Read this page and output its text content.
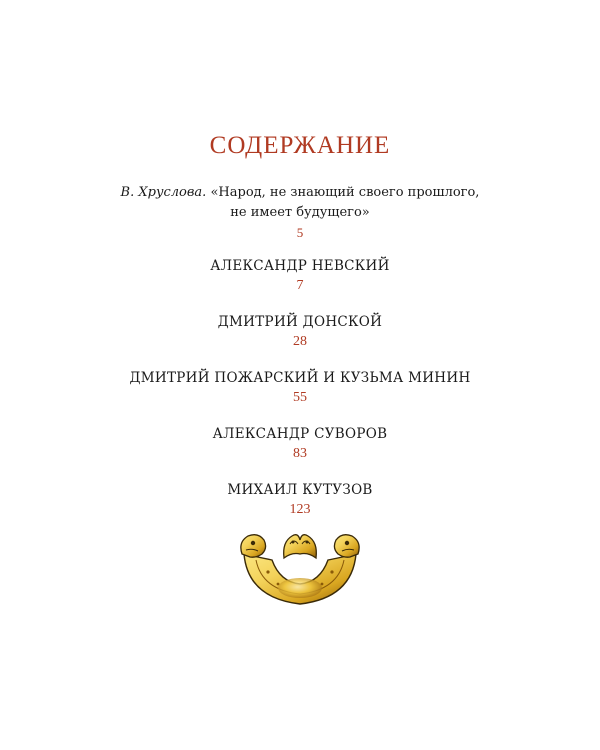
СОДЕРЖАНИЕ
В. Хруслова. «Народ, не знающий своего прошлого,
не имеет будущего»
5
АЛЕКСАНДР НЕВСКИЙ
7
ДМИТРИЙ ДОНСКОЙ
28
ДМИТРИЙ ПОЖАРСКИЙ И КУЗЬМА МИНИН
55
АЛЕКСАНДР СУВОРОВ
83
МИХАИЛ КУТУЗОВ
123
